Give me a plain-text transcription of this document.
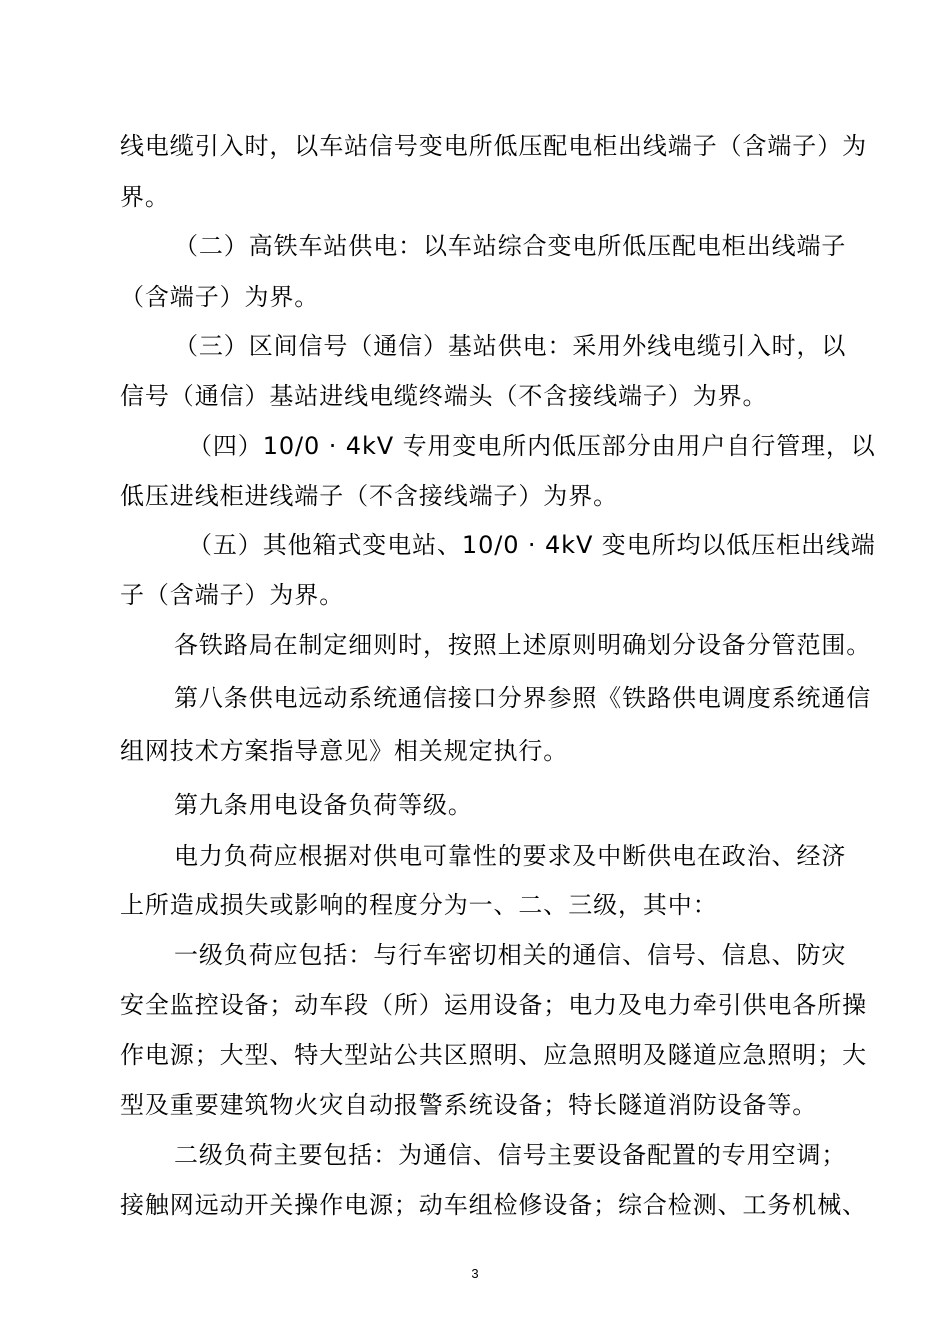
线电缆引入时，以车站信号变电所低压配电柜出线端子（含端子）为
界。
（二）高铁车站供电：以车站综合变电所低压配电柜出线端子
（含端子）为界。
（三）区间信号（通信）基站供电：采用外线电缆引入时，以
信号（通信）基站进线电缆终端头（不含接线端子）为界。
（四）10/0 · 4kV 专用变电所内低压部分由用户自行管理，以
低压进线柜进线端子（不含接线端子）为界。
（五）其他箱式变电站、10/0 · 4kV 变电所均以低压柜出线端
子（含端子）为界。
各铁路局在制定细则时，按照上述原则明确划分设备分管范围。
第八条供电远动系统通信接口分界参照《铁路供电调度系统通信
组网技术方案指导意见》相关规定执行。
第九条用电设备负荷等级。
电力负荷应根据对供电可靠性的要求及中断供电在政治、经济
上所造成损失或影响的程度分为一、二、三级，其中：
一级负荷应包括：与行车密切相关的通信、信号、信息、防灾
安全监控设备；动车段（所）运用设备；电力及电力牵引供电各所操
作电源；大型、特大型站公共区照明、应急照明及隧道应急照明；大
型及重要建筑物火灾自动报警系统设备；特长隧道消防设备等。
二级负荷主要包括：为通信、信号主要设备配置的专用空调；
接触网远动开关操作电源；动车组检修设备；综合检测、工务机械、
3
